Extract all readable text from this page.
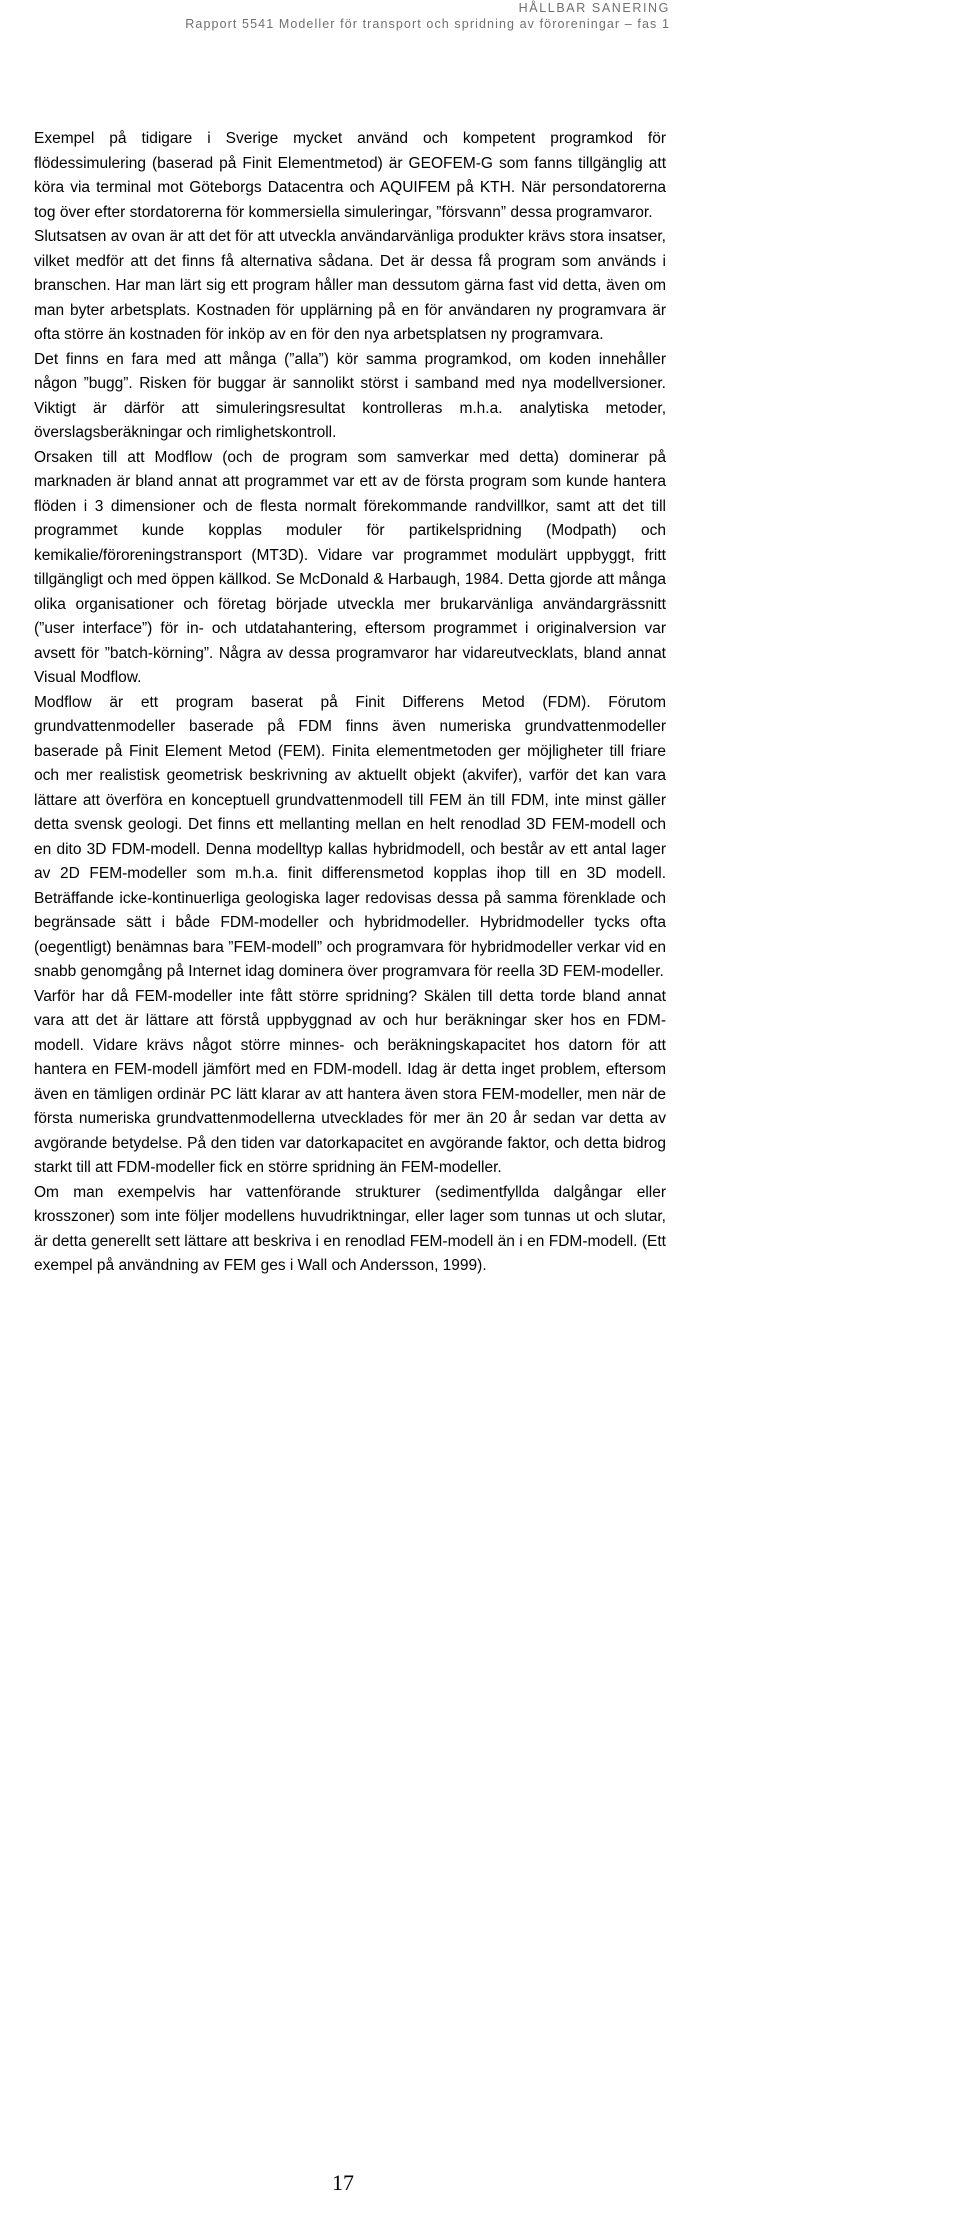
HÅLLBAR SANERING
Rapport 5541 Modeller för transport och spridning av föroreningar – fas 1

Exempel på tidigare i Sverige mycket använd och kompetent programkod för flödessimulering (baserad på Finit Elementmetod) är GEOFEM-G som fanns tillgänglig att köra via terminal mot Göteborgs Datacentra och AQUIFEM på KTH. När persondatorerna tog över efter stordatorerna för kommersiella simuleringar, ”försvann” dessa programvaror.

Slutsatsen av ovan är att det för att utveckla användarvänliga produkter krävs stora insatser, vilket medför att det finns få alternativa sådana. Det är dessa få program som används i branschen. Har man lärt sig ett program håller man dessutom gärna fast vid detta, även om man byter arbetsplats. Kostnaden för upplärning på en för användaren ny programvara är ofta större än kostnaden för inköp av en för den nya arbetsplatsen ny programvara.

Det finns en fara med att många (”alla”) kör samma programkod, om koden innehåller någon ”bugg”. Risken för buggar är sannolikt störst i samband med nya modellversioner. Viktigt är därför att simuleringsresultat kontrolleras m.h.a. analytiska metoder, överslagsberäkningar och rimlighetskontroll.

Orsaken till att Modflow (och de program som samverkar med detta) dominerar på marknaden är bland annat att programmet var ett av de första program som kunde hantera flöden i 3 dimensioner och de flesta normalt förekommande randvillkor, samt att det till programmet kunde kopplas moduler för partikelspridning (Modpath) och kemikalie/föroreningstransport (MT3D). Vidare var programmet modulärt uppbyggt, fritt tillgängligt och med öppen källkod. Se McDonald & Harbaugh, 1984. Detta gjorde att många olika organisationer och företag började utveckla mer brukarvänliga användargrässnitt (”user interface”) för in- och utdatahantering, eftersom programmet i originalversion var avsett för ”batch-körning”. Några av dessa programvaror har vidareutvecklats, bland annat Visual Modflow.

Modflow är ett program baserat på Finit Differens Metod (FDM). Förutom grundvattenmodeller baserade på FDM finns även numeriska grundvattenmodeller baserade på Finit Element Metod (FEM). Finita elementmetoden ger möjligheter till friare och mer realistisk geometrisk beskrivning av aktuellt objekt (akvifer), varför det kan vara lättare att överföra en konceptuell grundvattenmodell till FEM än till FDM, inte minst gäller detta svensk geologi. Det finns ett mellanting mellan en helt renodlad 3D FEM-modell och en dito 3D FDM-modell. Denna modelltyp kallas hybridmodell, och består av ett antal lager av 2D FEM-modeller som m.h.a. finit differensmetod kopplas ihop till en 3D modell. Beträffande icke-kontinuerliga geologiska lager redovisas dessa på samma förenklade och begränsade sätt i både FDM-modeller och hybridmodeller. Hybridmodeller tycks ofta (oegentligt) benämnas bara ”FEM-modell” och programvara för hybridmodeller verkar vid en snabb genomgång på Internet idag dominera över programvara för reella 3D FEM-modeller.

Varför har då FEM-modeller inte fått större spridning? Skälen till detta torde bland annat vara att det är lättare att förstå uppbyggnad av och hur beräkningar sker hos en FDM-modell. Vidare krävs något större minnes- och beräkningskapacitet hos datorn för att hantera en FEM-modell jämfört med en FDM-modell. Idag är detta inget problem, eftersom även en tämligen ordinär PC lätt klarar av att hantera även stora FEM-modeller, men när de första numeriska grundvattenmodellerna utvecklades för mer än 20 år sedan var detta av avgörande betydelse. På den tiden var datorkapacitet en avgörande faktor, och detta bidrog starkt till att FDM-modeller fick en större spridning än FEM-modeller.

Om man exempelvis har vattenförande strukturer (sedimentfyllda dalgångar eller krosszoner) som inte följer modellens huvudriktningar, eller lager som tunnas ut och slutar, är detta generellt sett lättare att beskriva i en renodlad FEM-modell än i en FDM-modell. (Ett exempel på användning av FEM ges i Wall och Andersson, 1999).

17
